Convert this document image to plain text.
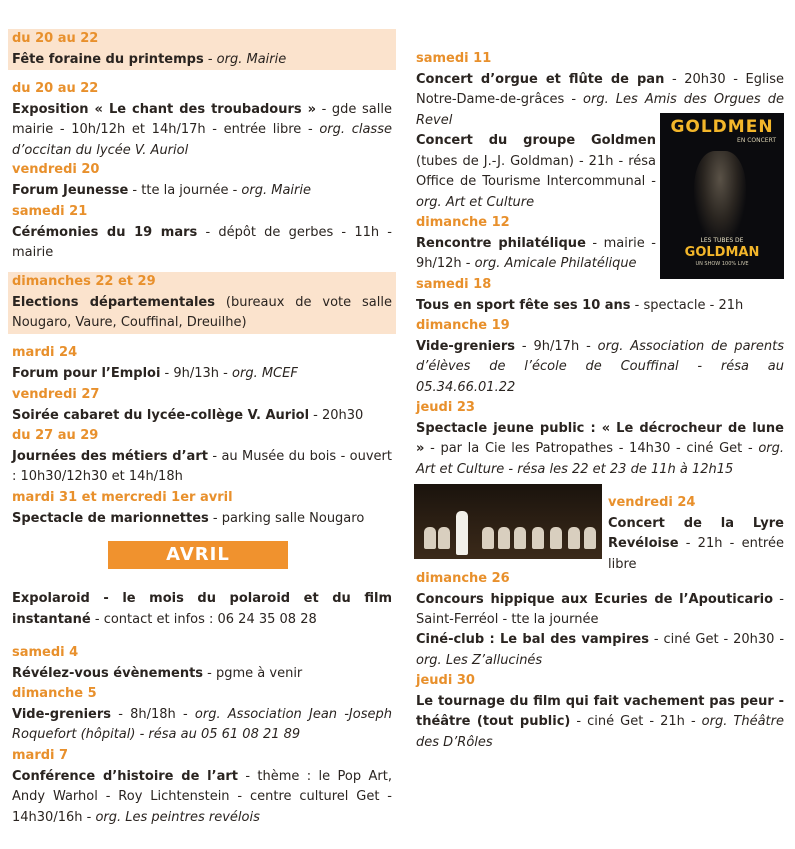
du 20 au 22
Fête foraine du printemps - org. Mairie
du 20 au 22
Exposition « Le chant des troubadours » - gde salle mairie - 10h/12h et 14h/17h - entrée libre - org. classe d’occitan du lycée V. Auriol
vendredi 20
Forum Jeunesse - tte la journée - org. Mairie
samedi 21
Cérémonies du 19 mars - dépôt de gerbes - 11h - mairie
dimanches 22 et 29
Elections départementales (bureaux de vote salle Nougaro, Vaure, Couffinal, Dreuilhe)
mardi 24
Forum pour l’Emploi - 9h/13h - org. MCEF
vendredi 27
Soirée cabaret du lycée-collège V. Auriol - 20h30
du 27 au 29
Journées des métiers d’art - au Musée du bois - ouvert : 10h30/12h30 et 14h/18h
mardi 31 et mercredi 1er avril
Spectacle de marionnettes - parking salle Nougaro
Expolaroid - le mois du polaroid et du film instantané - contact et infos : 06 24 35 08 28
samedi 4
Révélez-vous évènements - pgme à venir
dimanche 5
Vide-greniers - 8h/18h - org. Association Jean -Joseph Roquefort (hôpital) - résa au 05 61 08 21 89
mardi 7
Conférence d’histoire de l’art - thème : le Pop Art, Andy Warhol - Roy Lichtenstein - centre culturel Get - 14h30/16h - org. Les peintres revélois
AVRIL
samedi 11
Concert d’orgue et flûte de pan - 20h30 - Eglise Notre-Dame-de-grâces - org. Les Amis des Orgues de Revel
Concert du groupe Goldmen (tubes de J.-J. Goldman) - 21h - résa Office de Tourisme Intercommunal - org. Art et Culture
dimanche 12
Rencontre philatélique - mairie - 9h/12h - org. Amicale Philatélique
samedi 18
Tous en sport fête ses 10 ans - spectacle - 21h
dimanche 19
Vide-greniers - 9h/17h - org. Association de parents d’élèves de l’école de Couffinal - résa au 05.34.66.01.22
jeudi 23
Spectacle jeune public : « Le décrocheur de lune » - par la Cie les Patropathes - 14h30 - ciné Get - org. Art et Culture - résa les 22 et 23 de 11h à 12h15
vendredi 24
Concert de la Lyre Revéloise - 21h - entrée libre
dimanche 26
Concours hippique aux Ecuries de l’Apouticario - Saint-Ferréol - tte la journée
Ciné-club : Le bal des vampires - ciné Get - 20h30 - org. Les Z’allucinés
jeudi 30
Le tournage du film qui fait vachement pas peur - théâtre (tout public) - ciné Get - 21h - org. Théâtre des D’Rôles
GOLDMEN
EN CONCERT
LES TUBES DE
GOLDMAN
UN SHOW 100% LIVE
